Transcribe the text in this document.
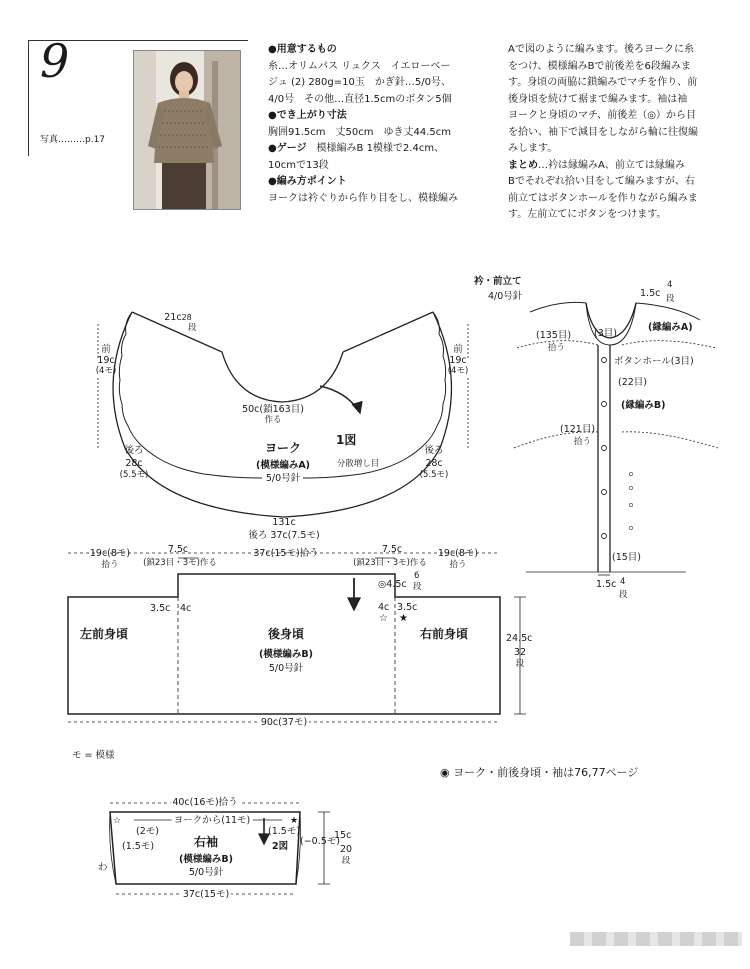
9
写真………p.17

●用意するもの

糸…オリムパス リュクス　イエローベー

ジュ (2) 280g=10玉　かぎ針…5/0号、

4/0号　その他…直径1.5cmのボタン5個

●でき上がり寸法

胸囲91.5cm　丈50cm　ゆき丈44.5cm

●ゲージ　 模様編みB 1模様で2.4cm、

10cmで13段

●編み方ポイント

ヨークは衿ぐりから作り目をし、模様編み

Aで図のように編みます。後ろヨークに糸

をつけ、模様編みBで前後差を6段編みま

す。身頃の両脇に鎖編みでマチを作り、前

後身頃を続けて裾まで編みます。袖は袖

ヨークと身頃のマチ、前後差（◎）から目

を拾い、袖下で減目をしながら輪に往復編

みします。

まとめ…衿は縁編みA、前立ては縁編み

Bでそれぞれ拾い目をして編みますが、右

前立てはボタンホールを作りながら編みま

す。左前立てにボタンをつけます。

21c28
段
前
19c
(4モ)
前
19c
(4モ)
後ろ
28c
(5.5モ)
後ろ
28c
(5.5モ)
50c(鎖163目)
作る
ヨーク
(模様編みA)
5/0号針
1図
分散増し目
131c
後ろ 37c(7.5モ)
19c(8モ)
拾う
7.5c
(鎖23目・3モ)作る
37c(15モ)拾う	7.5c
(鎖23目・3モ)作る
19c(8モ)
拾う
◎4.5c
6
段
3.5c 4c	4c 3.5c
☆ ★
左前身頃	後身頃
(模様編みB)
5/0号針
右前身頃	24.5c
32
段
90c(37モ)
衿・前立て
4/0号針	1.5c
4
段
(135目)
拾う
(3目)
(縁編みA)
ボタンホール(3目)
(22目)
(縁編みB)
(121目)
拾う
(15目)
1.5c 4
段
モ = 模様
◉ ヨーク・前後身頃・袖は76,77ページ
40c(16モ)拾う
ヨークから(11モ)
☆	★
(2モ)
(1.5モ)
(1.5モ)
(−0.5モ)
2図
右袖
(模様編みB)
5/0号針
15c
20
段
わ
37c(15モ)
